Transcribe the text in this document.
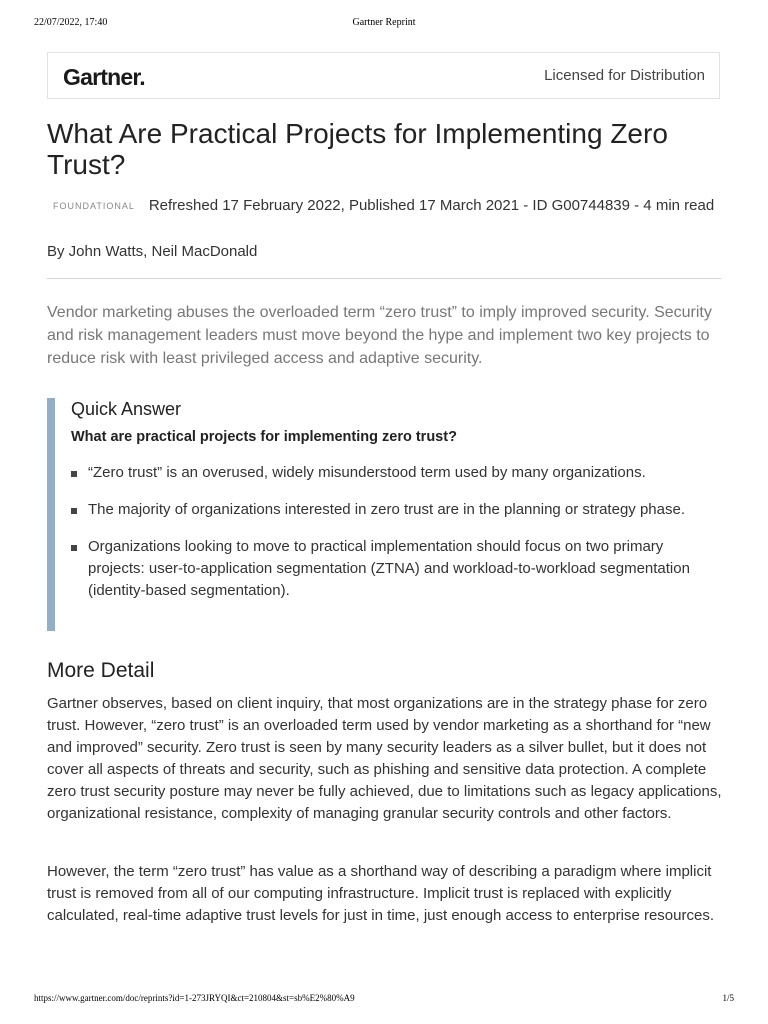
22/07/2022, 17:40	Gartner Reprint
Gartner.	Licensed for Distribution
What Are Practical Projects for Implementing Zero Trust?
FOUNDATIONAL Refreshed 17 February 2022, Published 17 March 2021 - ID G00744839 - 4 min read
By John Watts, Neil MacDonald

Vendor marketing abuses the overloaded term “zero trust” to imply improved security. Security and risk management leaders must move beyond the hype and implement two key projects to reduce risk with least privileged access and adaptive security.

Quick Answer
What are practical projects for implementing zero trust?
“Zero trust” is an overused, widely misunderstood term used by many organizations.
The majority of organizations interested in zero trust are in the planning or strategy phase.
Organizations looking to move to practical implementation should focus on two primary projects: user-to-application segmentation (ZTNA) and workload-to-workload segmentation (identity-based segmentation).
More Detail

Gartner observes, based on client inquiry, that most organizations are in the strategy phase for zero trust. However, “zero trust” is an overloaded term used by vendor marketing as a shorthand for “new and improved” security. Zero trust is seen by many security leaders as a silver bullet, but it does not cover all aspects of threats and security, such as phishing and sensitive data protection. A complete zero trust security posture may never be fully achieved, due to limitations such as legacy applications, organizational resistance, complexity of managing granular security controls and other factors.

However, the term “zero trust” has value as a shorthand way of describing a paradigm where implicit trust is removed from all of our computing infrastructure. Implicit trust is replaced with explicitly calculated, real-time adaptive trust levels for just in time, just enough access to enterprise resources.

https://www.gartner.com/doc/reprints?id=1-273JRYQI&ct=210804&st=sb%E2%80%A9	1/5
